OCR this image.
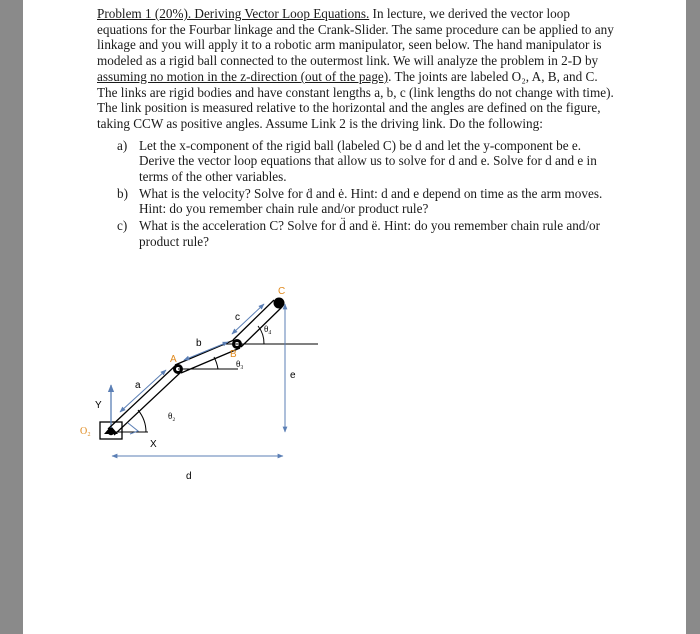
Problem 1 (20%). Deriving Vector Loop Equations. In lecture, we derived the vector loop equations for the Fourbar linkage and the Crank-Slider. The same procedure can be applied to any linkage and you will apply it to a robotic arm manipulator, seen below. The hand manipulator is modeled as a rigid ball connected to the outermost link. We will analyze the problem in 2-D by assuming no motion in the z-direction (out of the page). The joints are labeled O₂, A, B, and C. The links are rigid bodies and have constant lengths a, b, c (link lengths do not change with time). The link position is measured relative to the horizontal and the angles are defined on the figure, taking CCW as positive angles. Assume Link 2 is the driving link. Do the following:

a) Let the x-component of the rigid ball (labeled C) be d and let the y-component be e. Derive the vector loop equations that allow us to solve for d and e. Solve for d and e in terms of the other variables.
b) What is the velocity? Solve for ḋ and ė. Hint: d and e depend on time as the arm moves. Hint: do you remember chain rule and/or product rule?
c) What is the acceleration C? Solve for d̈ and ë. Hint: do you remember chain rule and/or product rule?
O₂
Y
X
a
A
b
B
c
C
θ₂
θ₃
θ₄
e
d
